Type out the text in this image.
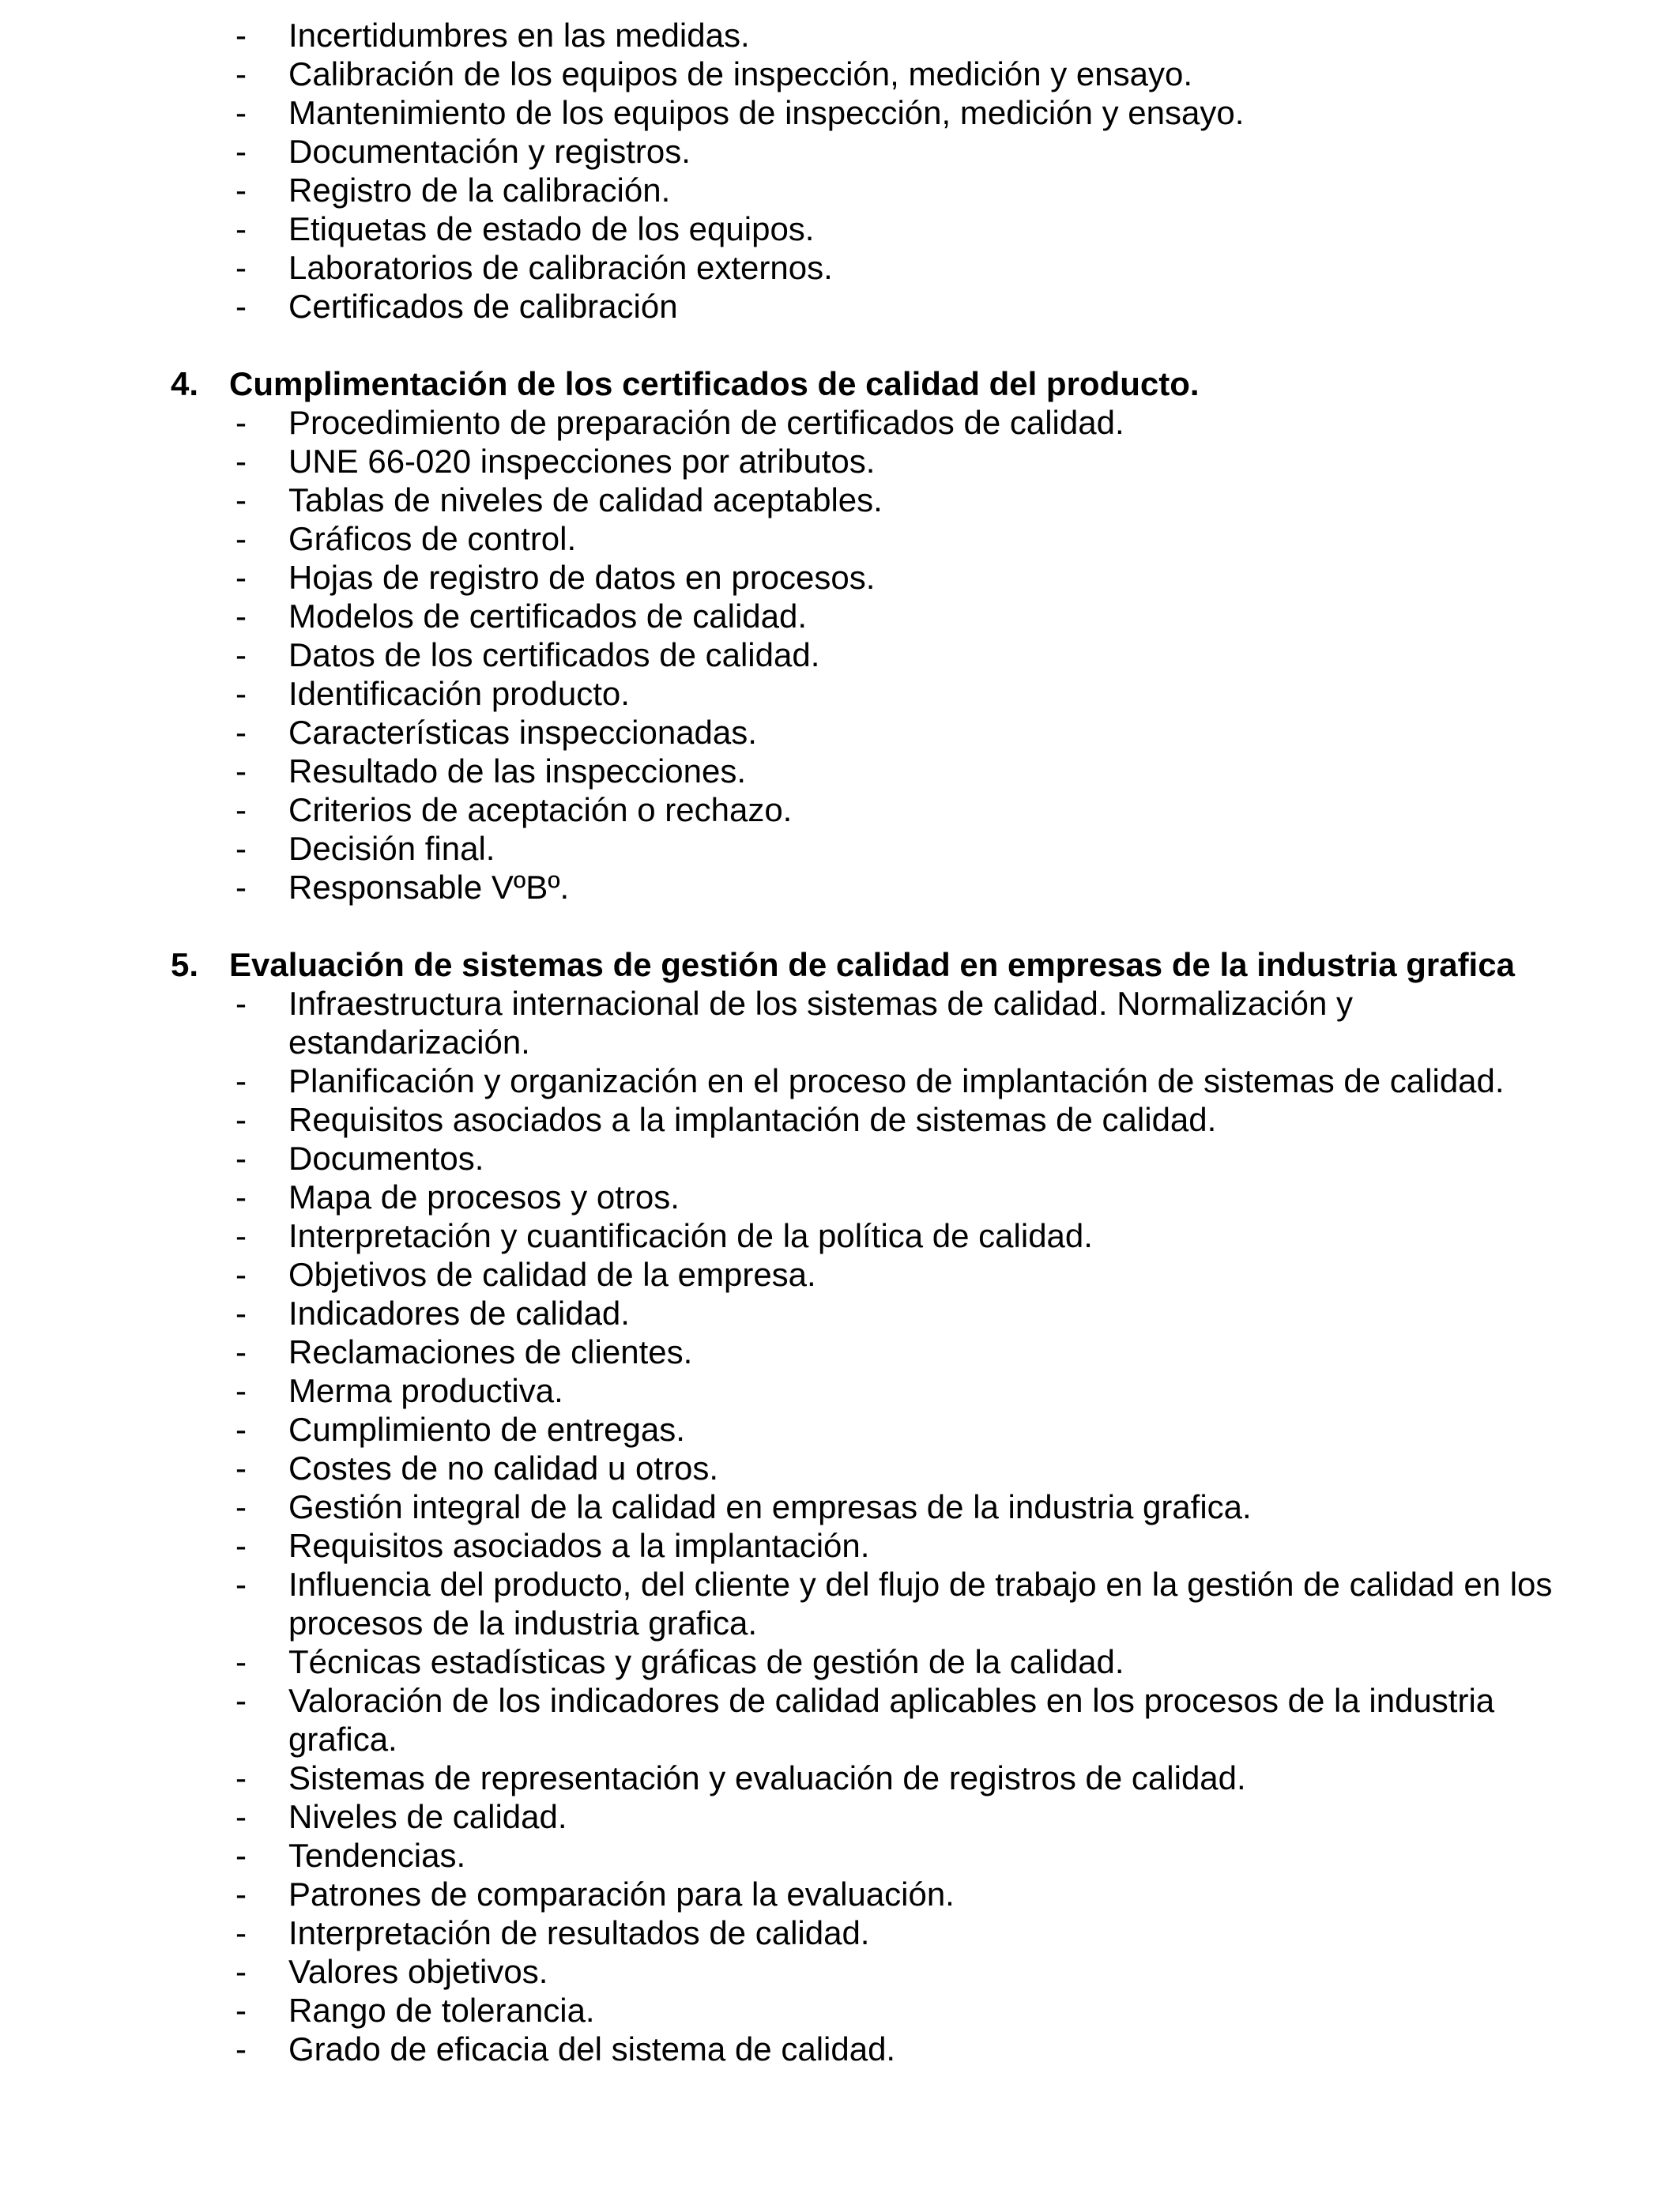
- Incertidumbres en las medidas.
- Calibración de los equipos de inspección, medición y ensayo.
- Mantenimiento de los equipos de inspección, medición y ensayo.
- Documentación y registros.
- Registro de la calibración.
- Etiquetas de estado de los equipos.
- Laboratorios de calibración externos.
- Certificados de calibración
4. Cumplimentación de los certificados de calidad del producto.
- Procedimiento de preparación de certificados de calidad.
- UNE 66-020 inspecciones por atributos.
- Tablas de niveles de calidad aceptables.
- Gráficos de control.
- Hojas de registro de datos en procesos.
- Modelos de certificados de calidad.
- Datos de los certificados de calidad.
- Identificación producto.
- Características inspeccionadas.
- Resultado de las inspecciones.
- Criterios de aceptación o rechazo.
- Decisión final.
- Responsable VºBº.
5. Evaluación de sistemas de gestión de calidad en empresas de la industria grafica
- Infraestructura internacional de los sistemas de calidad. Normalización y estandarización.
- Planificación y organización en el proceso de implantación de sistemas de calidad.
- Requisitos asociados a la implantación de sistemas de calidad.
- Documentos.
- Mapa de procesos y otros.
- Interpretación y cuantificación de la política de calidad.
- Objetivos de calidad de la empresa.
- Indicadores de calidad.
- Reclamaciones de clientes.
- Merma productiva.
- Cumplimiento de entregas.
- Costes de no calidad u otros.
- Gestión integral de la calidad en empresas de la industria grafica.
- Requisitos asociados a la implantación.
- Influencia del producto, del cliente y del flujo de trabajo en la gestión de calidad en los procesos de la industria grafica.
- Técnicas estadísticas y gráficas de gestión de la calidad.
- Valoración de los indicadores de calidad aplicables en los procesos de la industria grafica.
- Sistemas de representación y evaluación de registros de calidad.
- Niveles de calidad.
- Tendencias.
- Patrones de comparación para la evaluación.
- Interpretación de resultados de calidad.
- Valores objetivos.
- Rango de tolerancia.
- Grado de eficacia del sistema de calidad.
